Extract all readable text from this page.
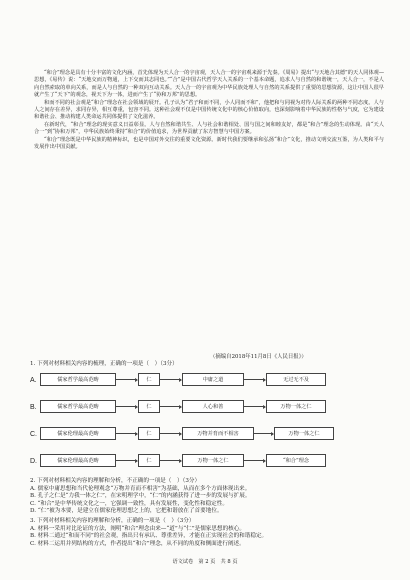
“和合”理念是具有十分丰富的文化内涵，首先体现为天人合一的宇宙观，天人合一的宇宙观来源于先秦。《周易》提出“与天地合其德”的天人同体观—思想，《易传》说：“天地交而万物通，上下交而其志同也。”“合”是中国古代哲学天人关系的一个基本命题，追求人与自然的和谐统一，天人合一，不是人向自然索取的单向关系，而是人与自然的一种双向互动关系。天人合一的宇宙观为中华民族处理人与自然的关系提供了重要的思想资源，这让中国人很早就产生了“天下”的观念，视天下为一体，进而产生了“协和万邦”的思想。

和而不同的社会观是“和合”理念在社会领域的展开。孔子认为“君子和而不同，小人同而不和”，他把和与同视为对待人际关系的两种不同态度。人与人之间存在差异，求同存异，相互尊重，包容不同。这种社会观不仅是中国传统文化中的核心价值取向，也深刻影响着中华民族的性格与气度，它为建设和谐社会、推动构建人类命运共同体提供了文化滋养。

在新时代，“和合”理念的现实意义日益彰显。人与自然和谐共生、人与社会和谐相处、国与国之间和睦友好，都是“和合”理念的生动体现。由“天人合一”到“协和万邦”，中华民族始终秉持“和合”的价值追求，为世界贡献了东方智慧与中国方案。

“和合”理念既是中华民族的精神标识，也是中国对外交往的重要文化资源。新时代我们要继承和弘扬“和合”文化，推动文明交流互鉴，为人类和平与发展作出中国贡献。

（摘编自2018年11月8日《人民日报》）

1. 下列对材料相关内容的梳理，正确的一项是（　）（3分）

A.	儒家哲学最高范畴	仁	中庸之道	无过无不及
B.	儒家哲学最高范畴	仁	人心和善	万物一体之仁
C.	儒家伦理最高范畴	仁	万物并育而不相害	万物一体之仁
D.	儒家伦理最高范畴	仁	万物一体之仁	“和合”理念

2. 下列对材料相关内容的理解和分析，不正确的一项是（　）（3分）

A. 儒家中庸思想和当代伦理观念“万物并育而不相害”为基础，从而在多个方面体现出来。

B. 孔子之仁是“力我一体之仁”，在宋明理学中，“仁”的内涵获得了进一步的发展与扩展。

C. “和合”是中华传统文化之一，它强调一致性，具有发展性，变化性和稳定性。

D. “仁”被为本要，是建立在儒家伦理思想之上的，它把和谐放在了首要地位。

3. 下列对材料相关内容的理解和分析，正确的一项是（　）（3分）

A. 材料一采用对比论证的方法，阐明“和合”理念由来—“道”与“仁”是儒家思想的核心。

B. 材料二通过“和而不同”的社会观，指出只有承认、尊重差异，才能在正实现社会的和谐稳定。

C. 材料二运用并列结构的方式，作者提出“和合”理念，从不同的角度和侧面进行阐述。

语文试卷　第 2 页　共 8 页
